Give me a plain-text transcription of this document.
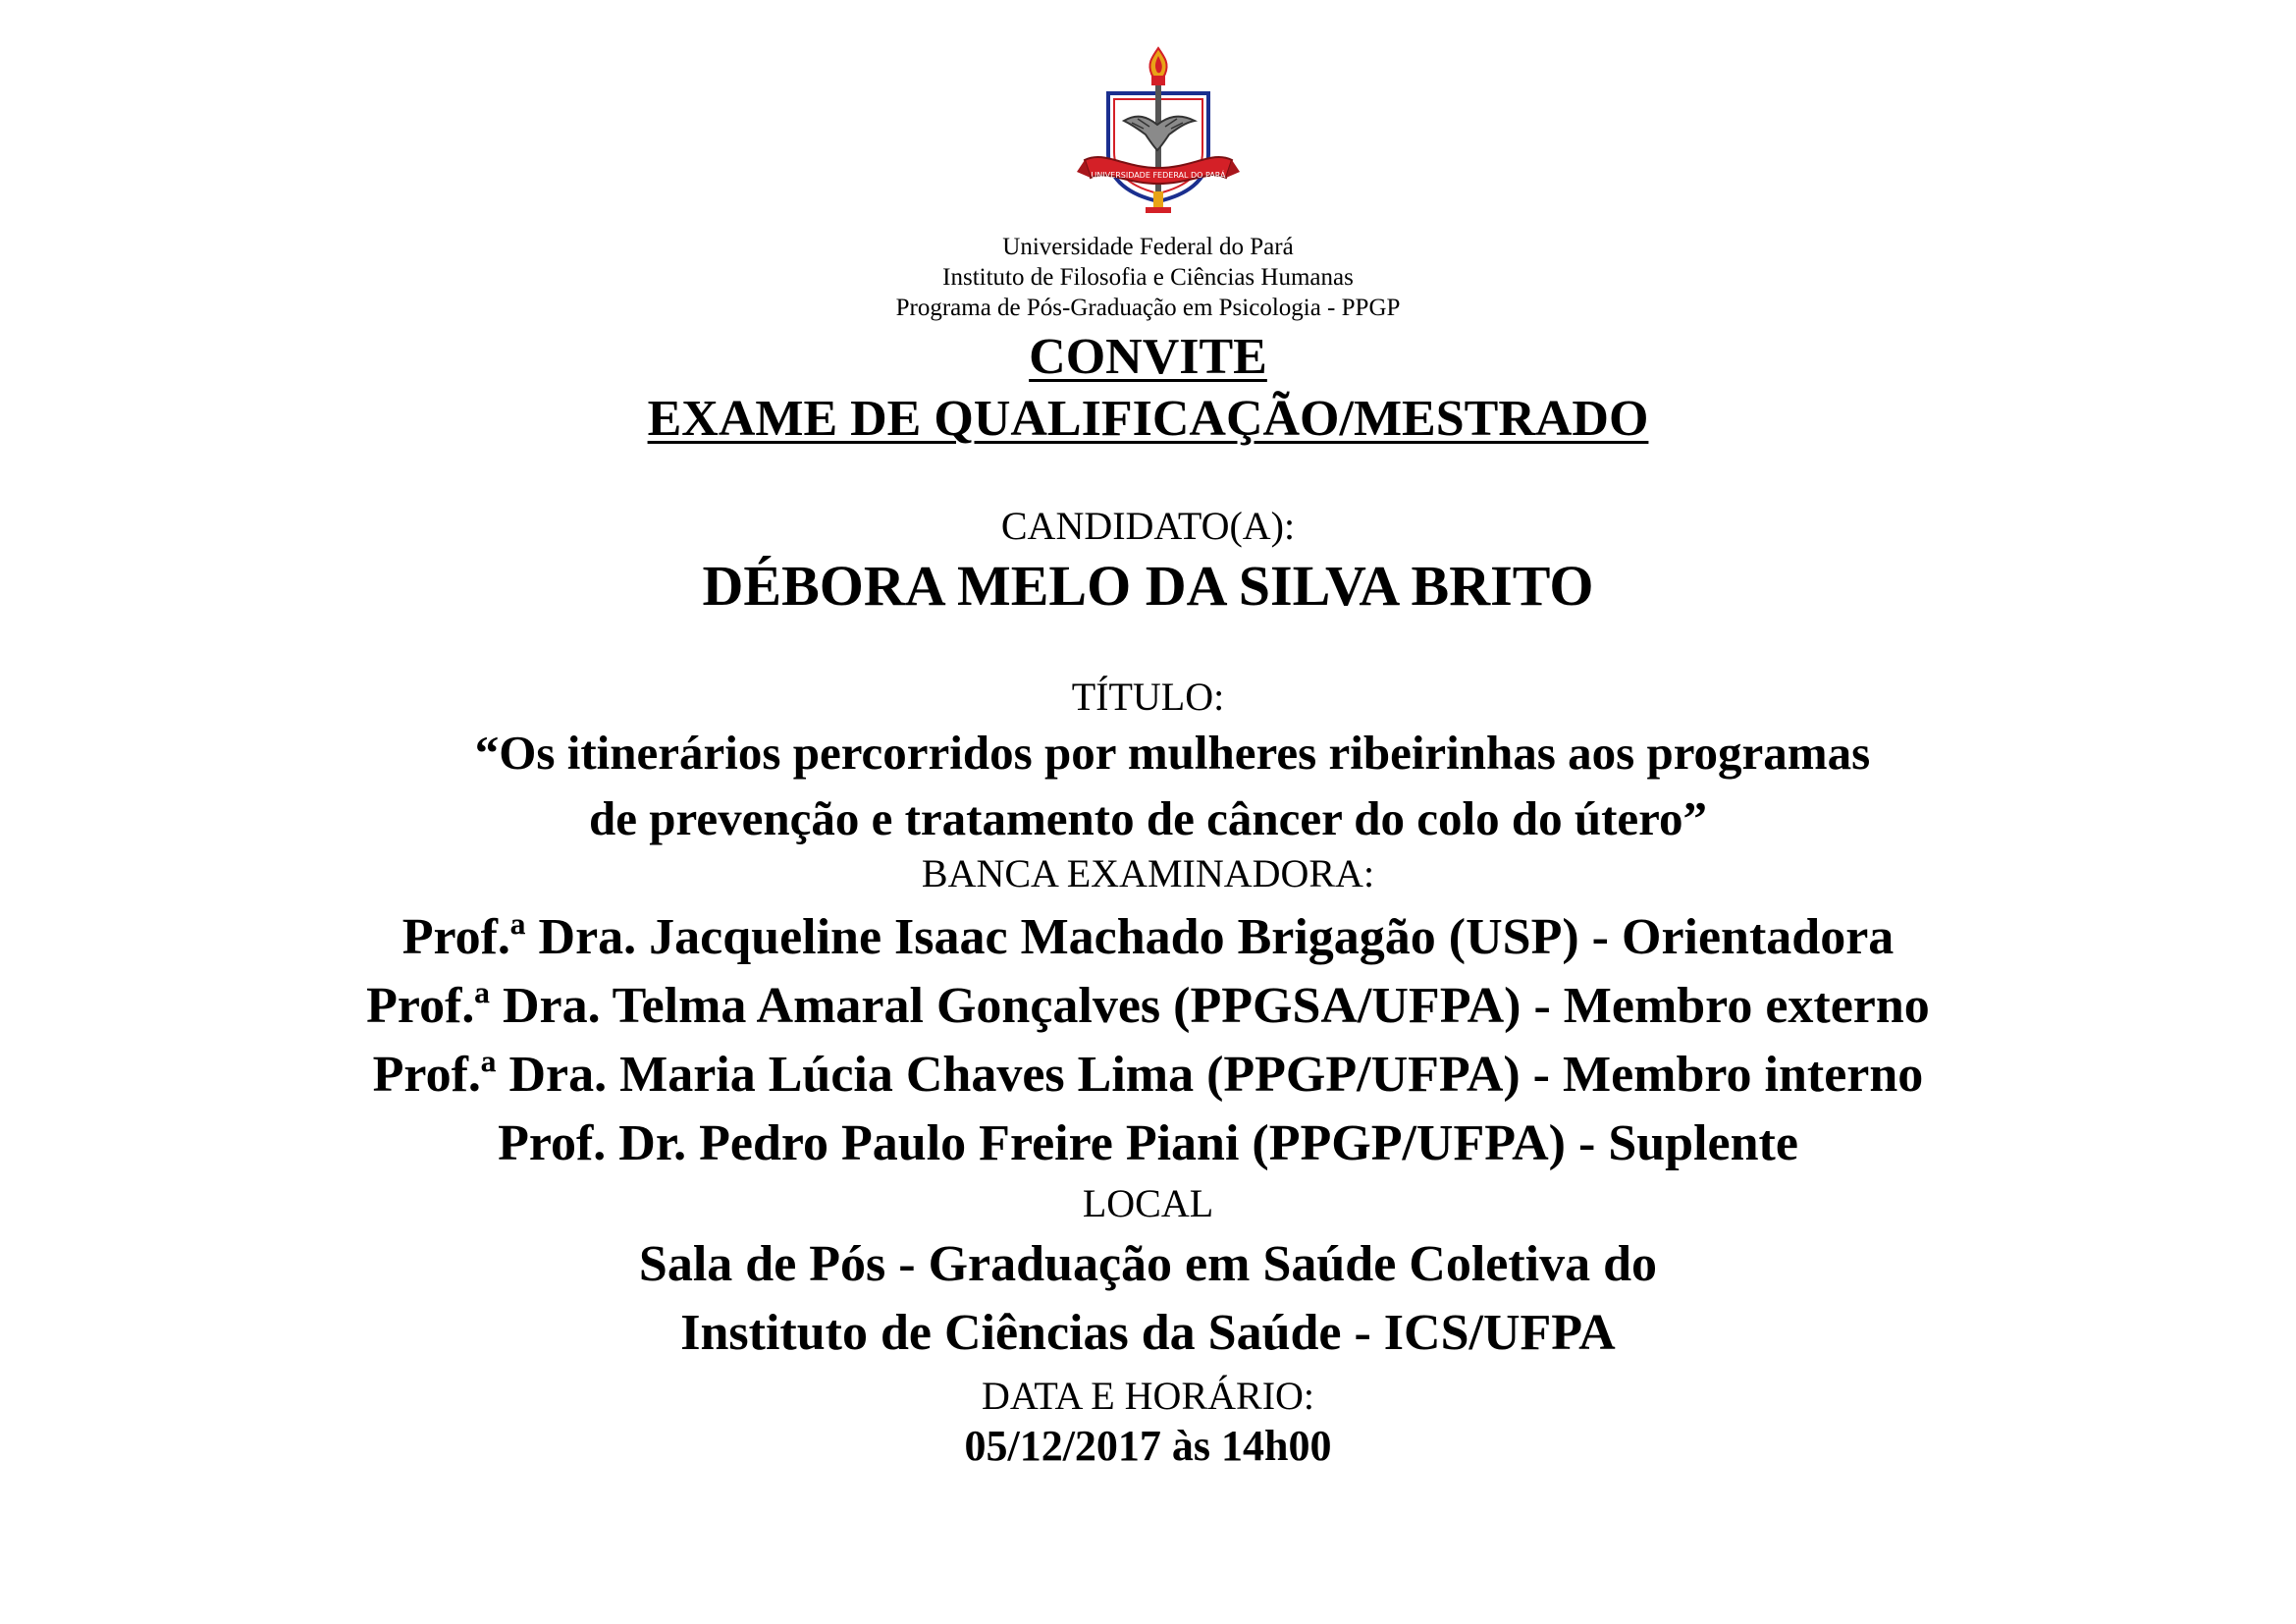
UNIVERSIDADE FEDERAL DO PARÁ
Universidade Federal do Pará
Instituto de Filosofia e Ciências Humanas
Programa de Pós-Graduação em Psicologia - PPGP
CONVITE
EXAME DE QUALIFICAÇÃO/MESTRADO
CANDIDATO(A):
DÉBORA MELO DA SILVA BRITO
TÍTULO:
“Os itinerários percorridos por mulheres ribeirinhas aos programas
de prevenção e tratamento de câncer do colo do útero”
BANCA EXAMINADORA:
Prof.ª Dra. Jacqueline Isaac Machado Brigagão (USP) - Orientadora
Prof.ª Dra. Telma Amaral Gonçalves (PPGSA/UFPA) - Membro externo
Prof.ª Dra. Maria Lúcia Chaves Lima (PPGP/UFPA) - Membro interno
Prof. Dr. Pedro Paulo Freire Piani (PPGP/UFPA) - Suplente
LOCAL
Sala de Pós - Graduação em Saúde Coletiva do
Instituto de Ciências da Saúde - ICS/UFPA
DATA E HORÁRIO:
05/12/2017 às 14h00
